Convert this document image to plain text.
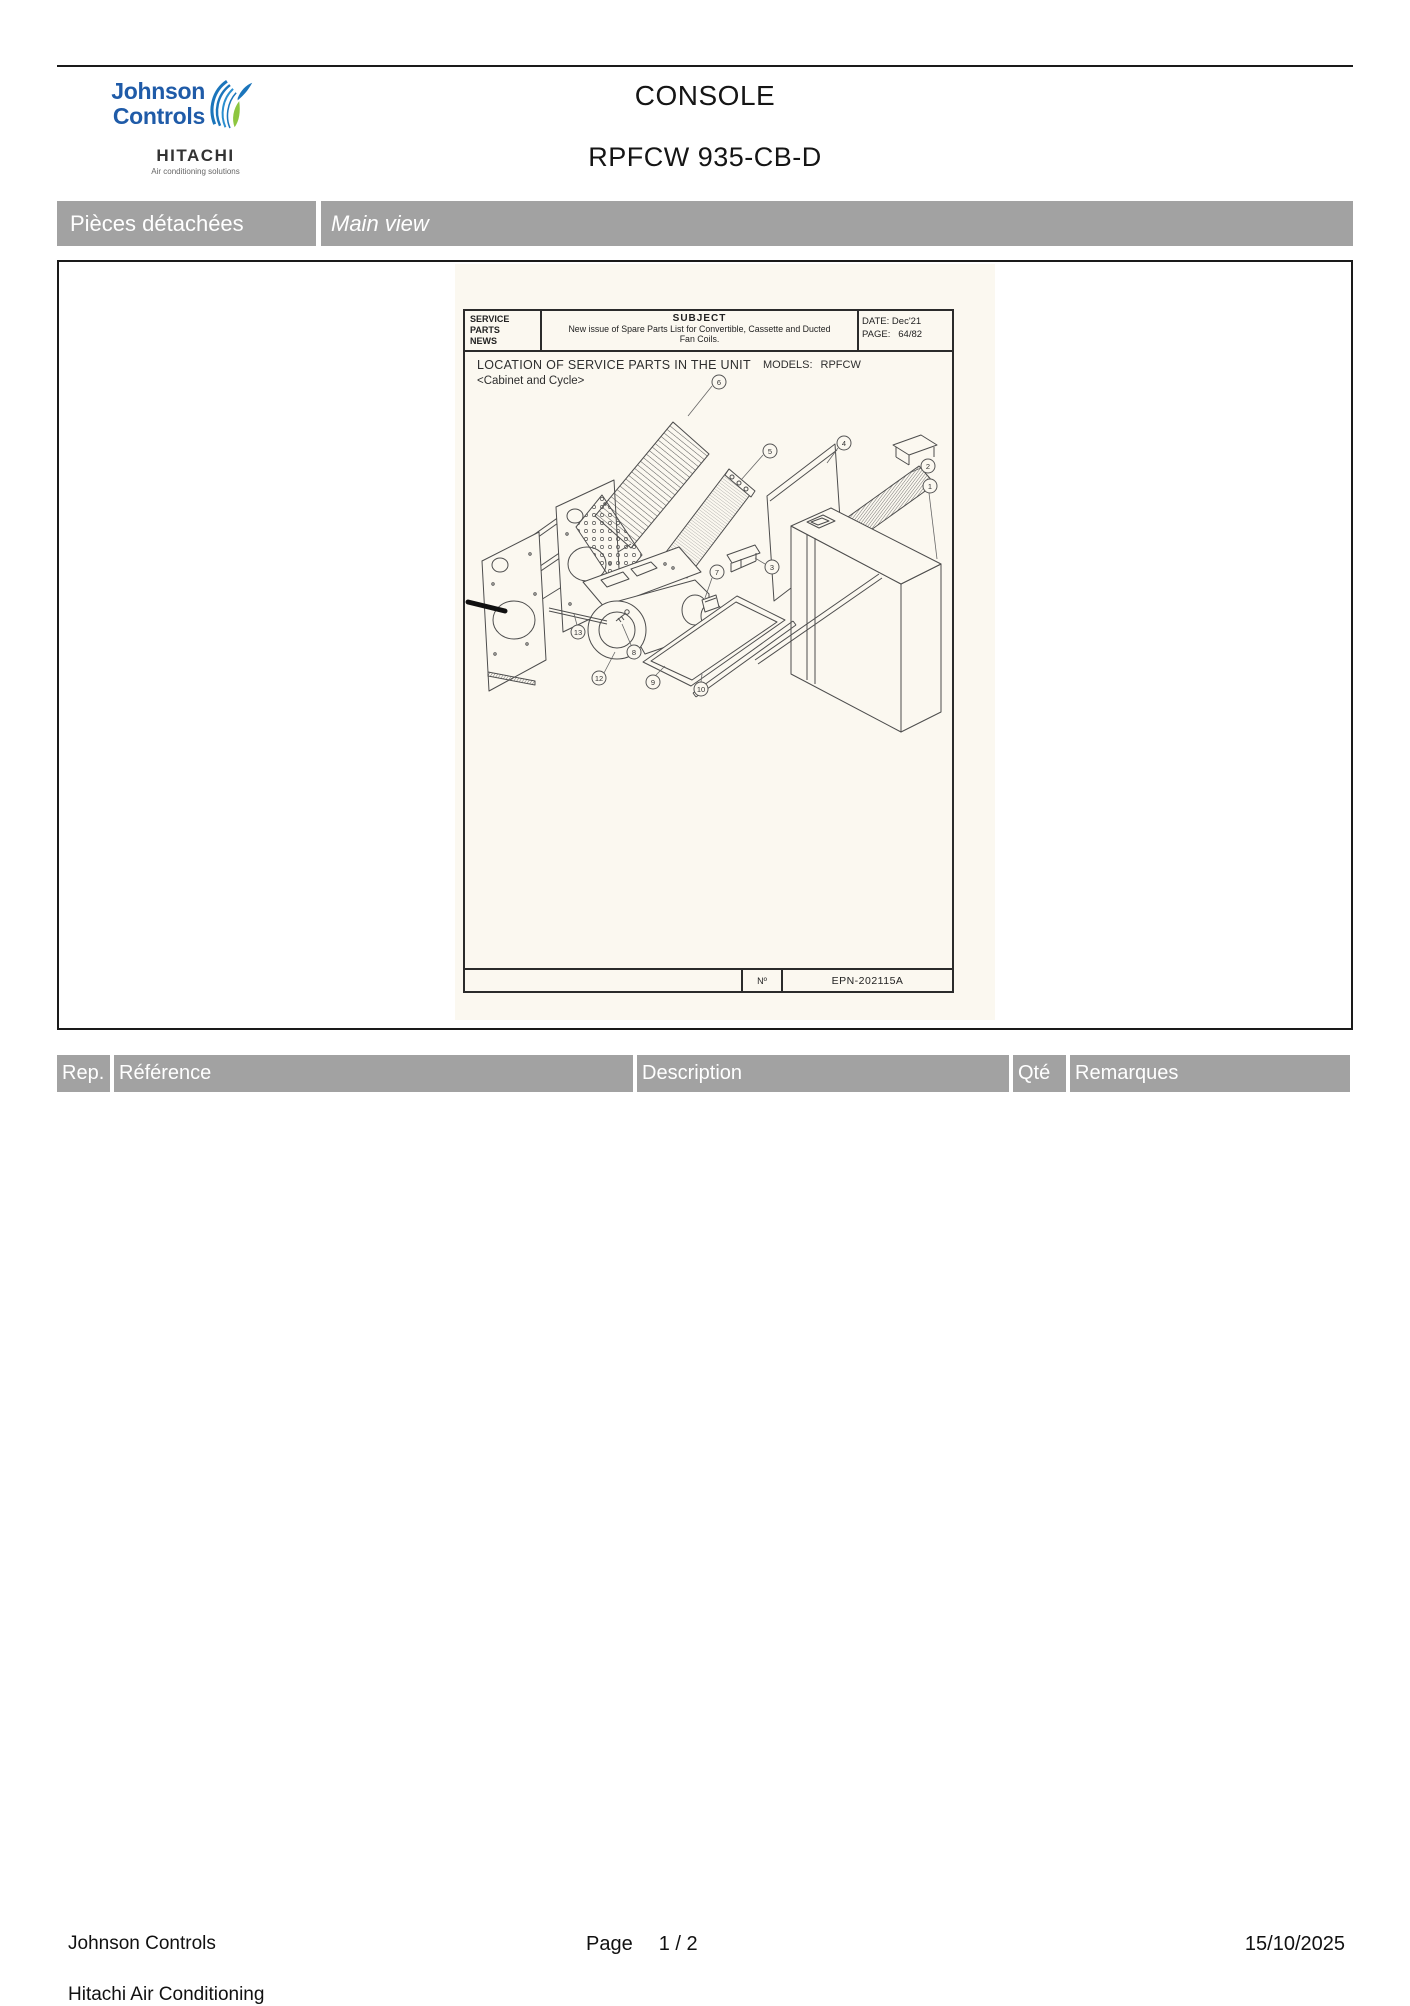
Johnson
Controls
HITACHI
Air conditioning solutions
CONSOLE
RPFCW 935-CB-D
Pièces détachées	Main view
SERVICE
PARTS
NEWS
SUBJECT
New issue of Spare Parts List for Convertible, Cassette and Ducted
Fan Coils.
DATE: Dec'21
PAGE: 64/82
LOCATION OF SERVICE PARTS IN THE UNIT
<Cabinet and Cycle>
MODELS: RPFCW
6
5
4
2
1
3
7
8
13
12	9
10
Nº	EPN-202115A
Rep. Référence	Description	Qté	Remarques
Johnson Controls
Hitachi Air Conditioning
Page 1 / 2	15/10/2025
